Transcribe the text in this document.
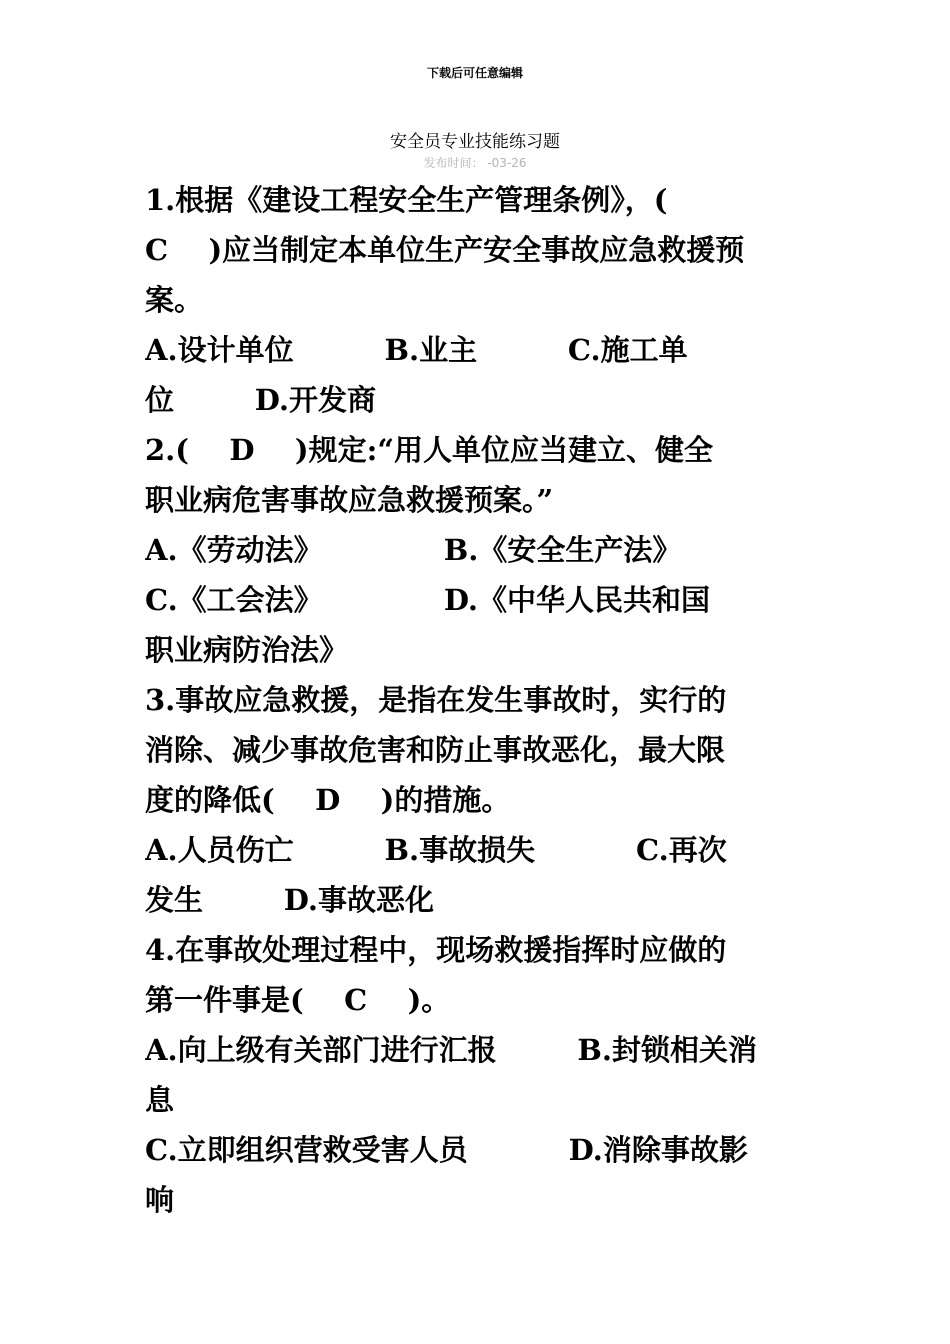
下载后可任意编辑
安全员专业技能练习题
发布时间： -03-26
1.根据《建设工程安全生产管理条例》，(
C    )应当制定本单位生产安全事故应急救援预
案。
A.设计单位         B.业主         C.施工单
位        D.开发商
2.(    D    )规定:“用人单位应当建立、健全
职业病危害事故应急救援预案。”
A.《劳动法》            B.《安全生产法》
C.《工会法》            D.《中华人民共和国
职业病防治法》
3.事故应急救援，是指在发生事故时，实行的
消除、减少事故危害和防止事故恶化，最大限
度的降低(    D    )的措施。
A.人员伤亡         B.事故损失          C.再次
发生        D.事故恶化
4.在事故处理过程中，现场救援指挥时应做的
第一件事是(    C    )。
A.向上级有关部门进行汇报        B.封锁相关消
息
C.立即组织营救受害人员          D.消除事故影
响
